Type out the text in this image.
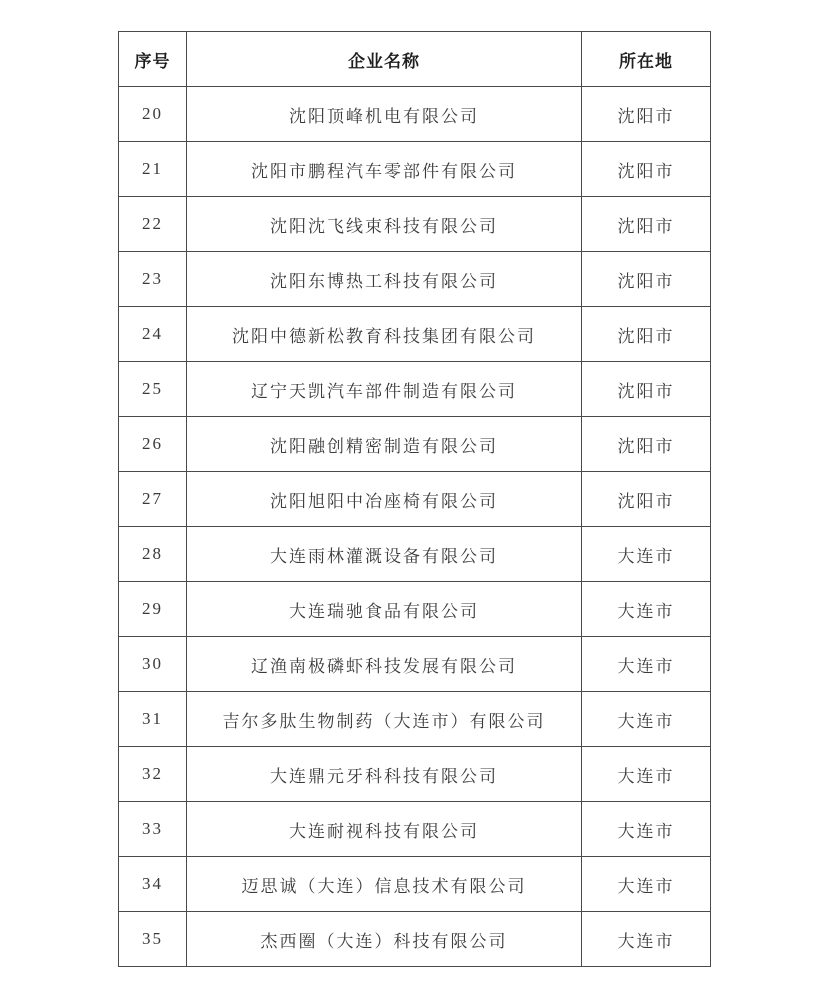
序号	企业名称	所在地
20	沈阳顶峰机电有限公司	沈阳市
21	沈阳市鹏程汽车零部件有限公司	沈阳市
22	沈阳沈飞线束科技有限公司	沈阳市
23	沈阳东博热工科技有限公司	沈阳市
24	沈阳中德新松教育科技集团有限公司	沈阳市
25	辽宁天凯汽车部件制造有限公司	沈阳市
26	沈阳融创精密制造有限公司	沈阳市
27	沈阳旭阳中冶座椅有限公司	沈阳市
28	大连雨林灌溉设备有限公司	大连市
29	大连瑞驰食品有限公司	大连市
30	辽渔南极磷虾科技发展有限公司	大连市
31	吉尔多肽生物制药（大连市）有限公司	大连市
32	大连鼎元牙科科技有限公司	大连市
33	大连耐视科技有限公司	大连市
34	迈思诚（大连）信息技术有限公司	大连市
35	杰西圈（大连）科技有限公司	大连市
